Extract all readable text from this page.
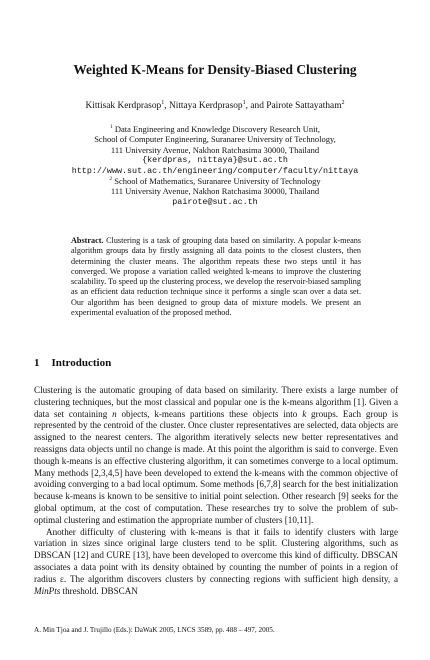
Weighted K-Means for Density-Biased Clustering
Kittisak Kerdprasop$^1$, Nittaya Kerdprasop$^1$, and Pairote Sattayatham$^2$
$^1$ Data Engineering and Knowledge Discovery Research Unit,
School of Computer Engineering, Suranaree University of Technology,
111 University Avenue, Nakhon Ratchasima 30000, Thailand
{kerdpras, nittaya}@sut.ac.th
http://www.sut.ac.th/engineering/computer/faculty/nittaya
$^2$ School of Mathematics, Suranaree University of Technology
111 University Avenue, Nakhon Ratchasima 30000, Thailand
pairote@sut.ac.th
Abstract. Clustering is a task of grouping data based on similarity. A popular k-means algorithm groups data by firstly assigning all data points to the closest clusters, then determining the cluster means. The algorithm repeats these two steps until it has converged. We propose a variation called weighted k-means to improve the clustering scalability. To speed up the clustering process, we develop the reservoir-biased sampling as an efficient data reduction technique since it performs a single scan over a data set. Our algorithm has been designed to group data of mixture models. We present an experimental evaluation of the proposed method.
1 Introduction

Clustering is the automatic grouping of data based on similarity. There exists a large number of clustering techniques, but the most classical and popular one is the k-means algorithm [1]. Given a data set containing n objects, k-means partitions these objects into k groups. Each group is represented by the centroid of the cluster. Once cluster representatives are selected, data objects are assigned to the nearest centers. The algorithm iteratively selects new better representatives and reassigns data objects until no change is made. At this point the algorithm is said to converge. Even though k-means is an effective clustering algorithm, it can sometimes converge to a local optimum. Many methods [2,3,4,5] have been developed to extend the k-means with the common objective of avoiding converging to a bad local optimum. Some methods [6,7,8] search for the best initialization because k-means is known to be sensitive to initial point selection. Other research [9] seeks for the global optimum, at the cost of computation. These researches try to solve the problem of sub-optimal clustering and estimation the appropriate number of clusters [10,11].

Another difficulty of clustering with k-means is that it fails to identify clusters with large variation in sizes since original large clusters tend to be split. Clustering algorithms, such as DBSCAN [12] and CURE [13], have been developed to overcome this kind of difficulty. DBSCAN associates a data point with its density obtained by counting the number of points in a region of radius ε. The algorithm discovers clusters by connecting regions with sufficient high density, a MinPts threshold. DBSCAN

A. Min Tjoa and J. Trujillo (Eds.): DaWaK 2005, LNCS 3589, pp. 488 – 497, 2005.
